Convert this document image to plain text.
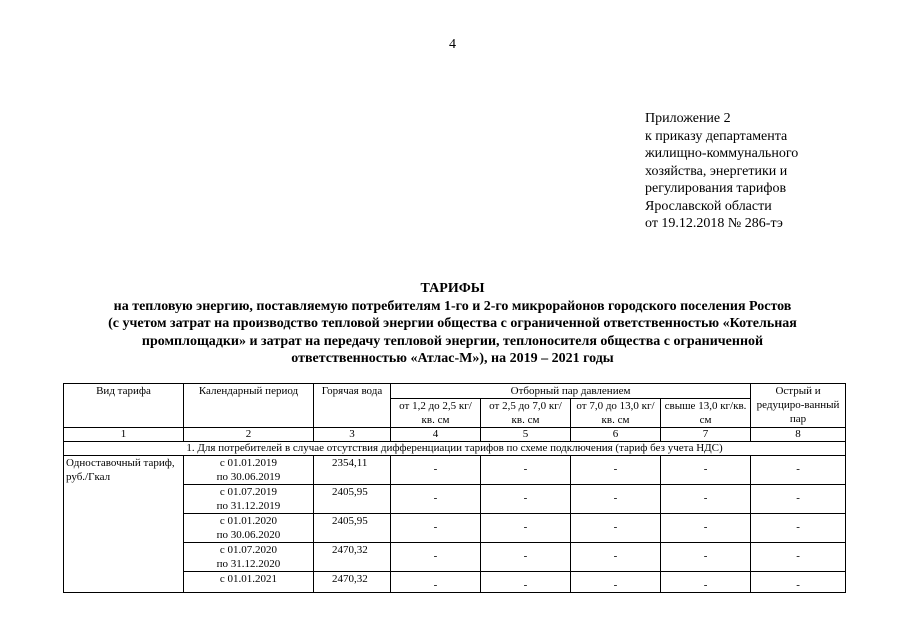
4
Приложение 2
к приказу департамента
жилищно-коммунального
хозяйства, энергетики и
регулирования тарифов
Ярославской области
от 19.12.2018 № 286-тэ
ТАРИФЫ
на тепловую энергию, поставляемую потребителям 1-го и 2-го микрорайонов городского поселения Ростов
(с учетом затрат на производство тепловой энергии общества с ограниченной ответственностью «Котельная
промплощадки» и затрат на передачу тепловой энергии, теплоносителя общества с ограниченной
ответственностью «Атлас-М»), на 2019 – 2021 годы
Вид тарифа	Календарный период	Горячая вода	Отборный пар давлением				Острый и редуциро-ванный пар
			от 1,2 до 2,5 кг/кв. см	от 2,5 до 7,0 кг/кв. см	от 7,0 до 13,0 кг/кв. см	свыше 13,0 кг/кв. см	
1	2	3	4	5	6	7	8
1. Для потребителей в случае отсутствия дифференциации тарифов по схеме подключения (тариф без учета НДС)							
Одноставочный тариф, руб./Гкал	с 01.01.2019
по 30.06.2019	2354,11	-	-	-	-	-

	с 01.07.2019
по 31.12.2019	2405,95	-	-	-	-	-

	с 01.01.2020
по 30.06.2020	2405,95	-	-	-	-	-

	с 01.07.2020
по 31.12.2020	2470,32	-	-	-	-	-

	с 01.01.2021	2470,32	-	-	-	-	-
